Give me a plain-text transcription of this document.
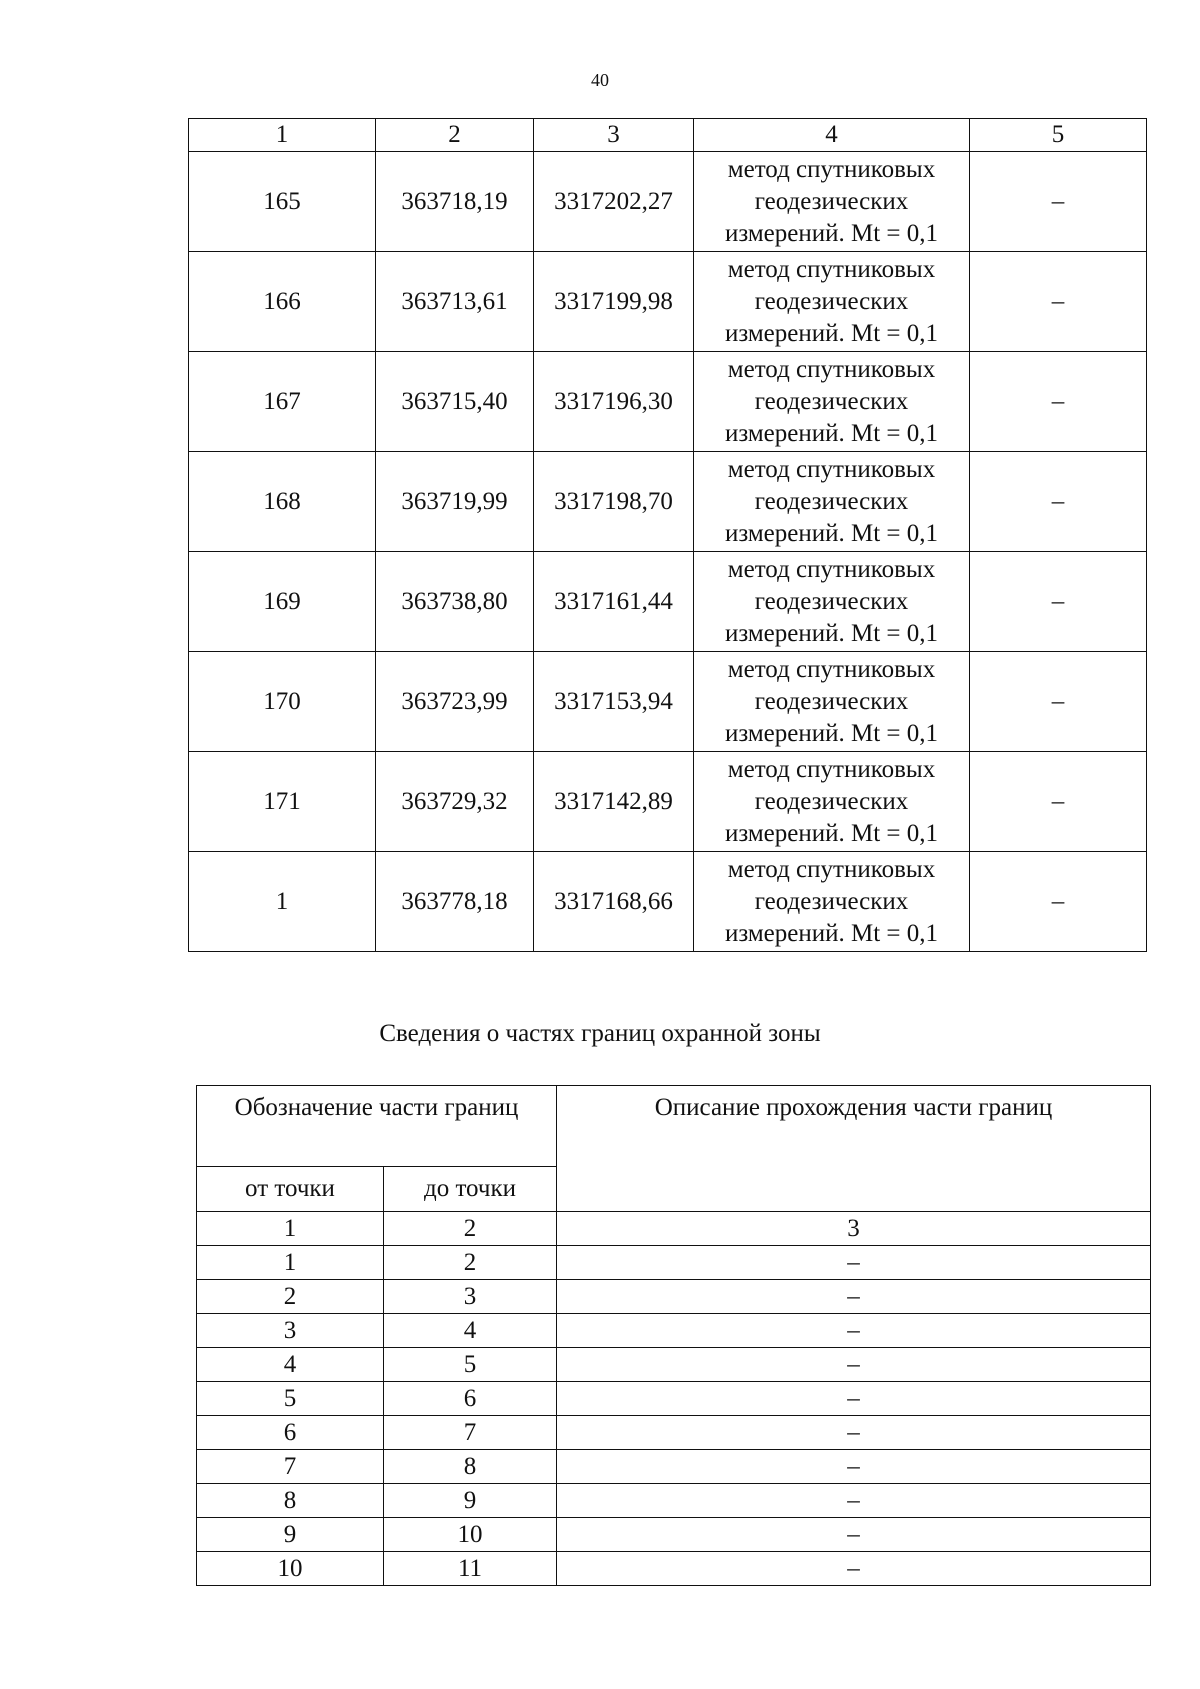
40
1	2	3	4	5
165	363718,19	3317202,27	метод спутниковых
геодезических
измерений. Mt = 0,1	–
166	363713,61	3317199,98	метод спутниковых
геодезических
измерений. Mt = 0,1	–
167	363715,40	3317196,30	метод спутниковых
геодезических
измерений. Mt = 0,1	–
168	363719,99	3317198,70	метод спутниковых
геодезических
измерений. Mt = 0,1	–
169	363738,80	3317161,44	метод спутниковых
геодезических
измерений. Mt = 0,1	–
170	363723,99	3317153,94	метод спутниковых
геодезических
измерений. Mt = 0,1	–
171	363729,32	3317142,89	метод спутниковых
геодезических
измерений. Mt = 0,1	–
1	363778,18	3317168,66	метод спутниковых
геодезических
измерений. Mt = 0,1	–
Сведения о частях границ охранной зоны
Обозначение части границ		Описание прохождения части границ
от точки	до точки	
1	2	3
1	2	–
2	3	–
3	4	–
4	5	–
5	6	–
6	7	–
7	8	–
8	9	–
9	10	–
10	11	–
